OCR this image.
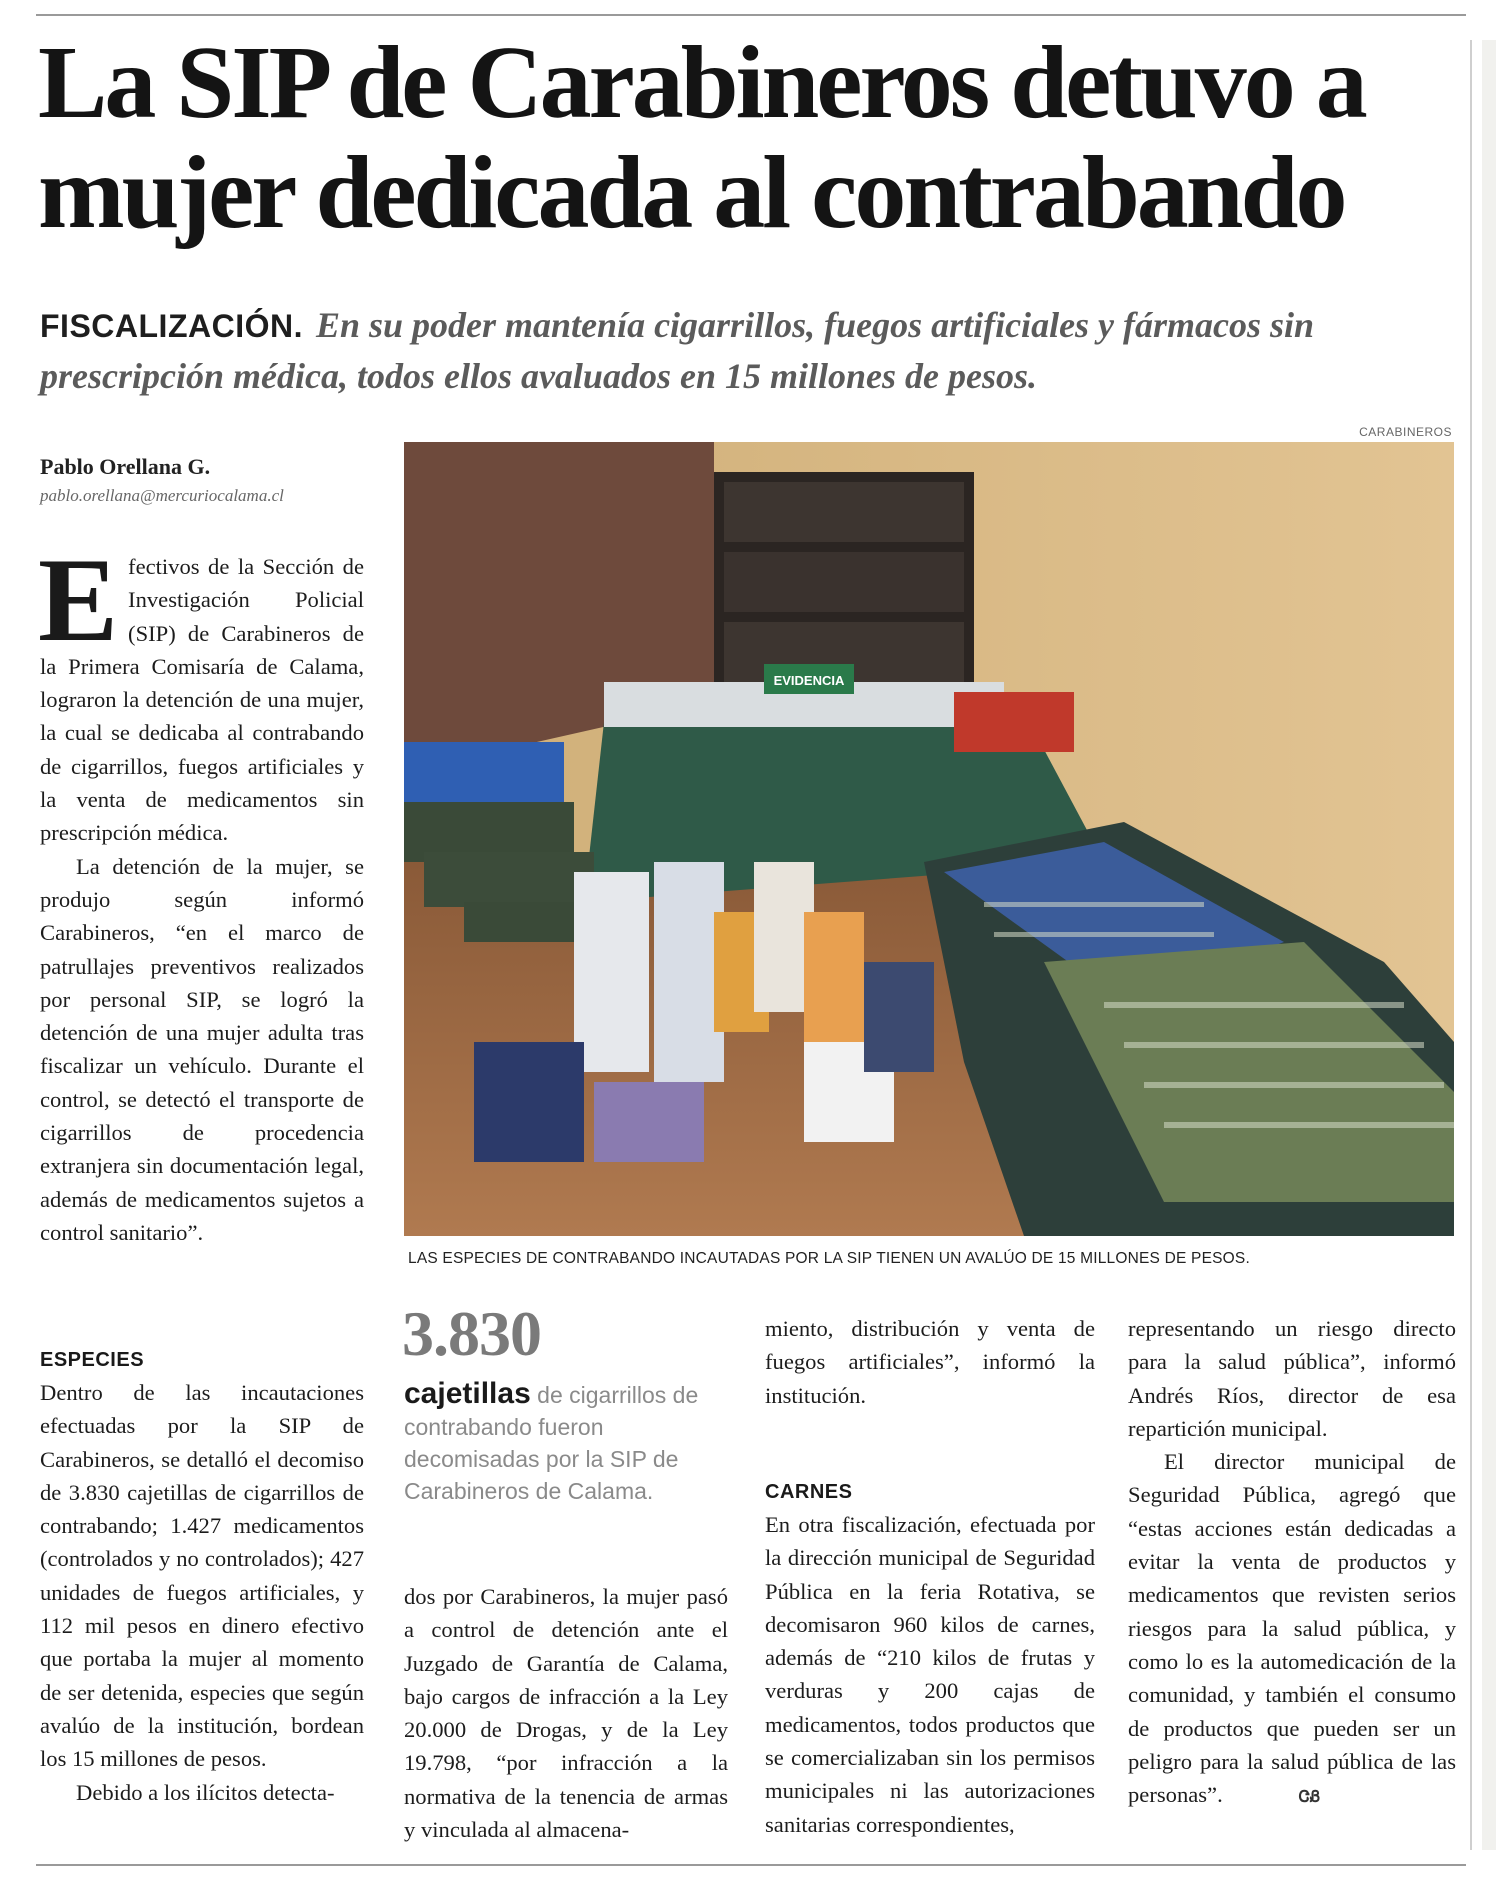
La SIP de Carabineros detuvo a mujer dedicada al contrabando
FISCALIZACIÓN. En su poder mantenía cigarrillos, fuegos artificiales y fármacos sin prescripción médica, todos ellos avaluados en 15 millones de pesos.
Pablo Orellana G.
pablo.orellana@mercuriocalama.cl
CARABINEROS
EVIDENCIA
LAS ESPECIES DE CONTRABANDO INCAUTADAS POR LA SIP TIENEN UN AVALÚO DE 15 MILLONES DE PESOS.

Efectivos de la Sección de Investigación Policial (SIP) de Carabineros de la Primera Comisaría de Calama, lograron la detención de una mujer, la cual se dedicaba al contrabando de cigarrillos, fuegos artificiales y la venta de medicamentos sin prescripción médica.

La detención de la mujer, se produjo según informó Carabineros, “en el marco de patrullajes preventivos realizados por personal SIP, se logró la detención de una mujer adulta tras fiscalizar un vehículo. Durante el control, se detectó el transporte de cigarrillos de procedencia extranjera sin documentación legal, además de medicamentos sujetos a control sanitario”.

ESPECIES

Dentro de las incautaciones efectuadas por la SIP de Carabineros, se detalló el decomiso de 3.830 cajetillas de cigarrillos de contrabando; 1.427 medicamentos (controlados y no controlados); 427 unidades de fuegos artificiales, y 112 mil pesos en dinero efectivo que portaba la mujer al momento de ser detenida, especies que según avalúo de la institución, bordean los 15 millones de pesos.

Debido a los ilícitos detecta-

3.830
cajetillas de cigarrillos de contrabando fueron decomisadas por la SIP de Carabineros de Calama.

dos por Carabineros, la mujer pasó a control de detención ante el Juzgado de Garantía de Calama, bajo cargos de infracción a la Ley 20.000 de Drogas, y de la Ley 19.798, “por infracción a la normativa de la tenencia de armas y vinculada al almacena-

miento, distribución y venta de fuegos artificiales”, informó la institución.

CARNES

En otra fiscalización, efectuada por la dirección municipal de Seguridad Pública en la feria Rotativa, se decomisaron 960 kilos de carnes, además de “210 kilos de frutas y verduras y 200 cajas de medicamentos, todos productos que se comercializaban sin los permisos municipales ni las autorizaciones sanitarias correspondientes,

representando un riesgo directo para la salud pública”, informó Andrés Ríos, director de esa repartición municipal.

El director municipal de Seguridad Pública, agregó que “estas acciones están dedicadas a evitar la venta de productos y medicamentos que revisten serios riesgos para la salud pública, y como lo es la automedicación de la comunidad, y también el consumo de productos que pueden ser un peligro para la salud pública de las personas”.	ᏣᏰ
